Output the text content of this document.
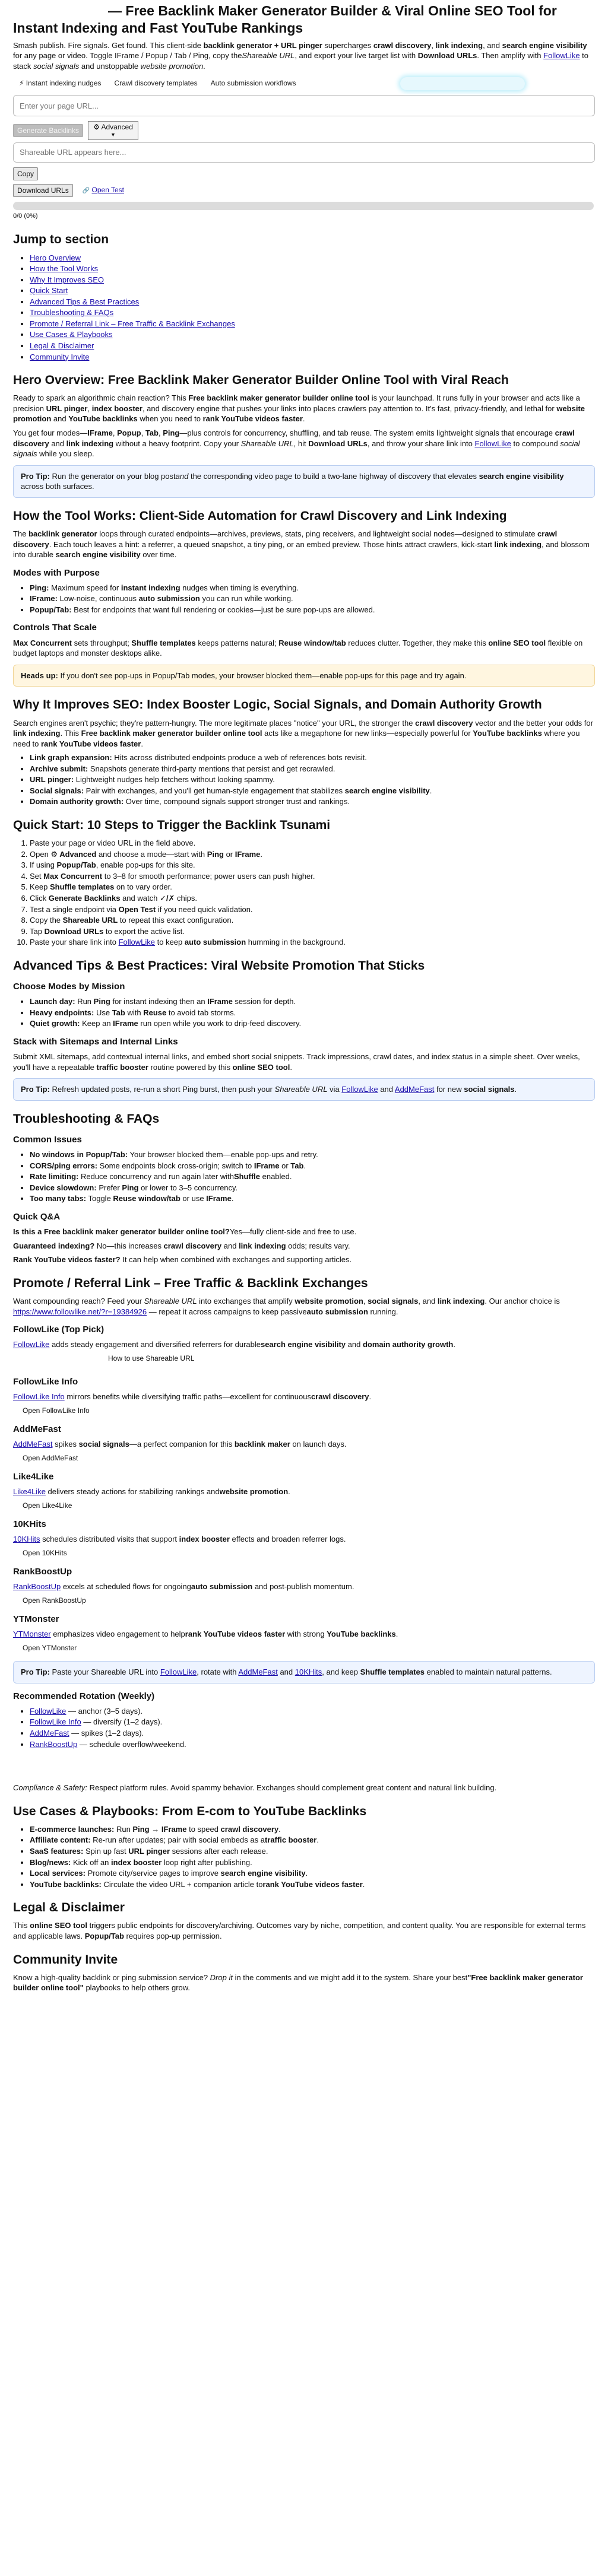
— Free Backlink Maker Generator Builder & Viral Online SEO Tool for
Instant Indexing and Fast YouTube Rankings

Smash publish. Fire signals. Get found. This client-side backlink generator + URL pinger supercharges crawl discovery, link indexing, and search engine visibility for any page or video. Toggle IFrame / Popup / Tab / Ping, copy theShareable URL, and export your live target list with Download URLs. Then amplify with FollowLike to stack social signals and unstoppable website promotion.

⚡ Instant indexing nudges Crawl discovery templates Auto submission workflows
Enter your page URL...
Generate Backlinks	⚙ Advanced
▼
Shareable URL appears here...
Copy
Download URLs	🔗 Open Test
0/0 (0%)
Jump to section
• Hero Overview
• How the Tool Works
• Why It Improves SEO
• Quick Start
• Advanced Tips & Best Practices
• Troubleshooting & FAQs
• Promote / Referral Link – Free Traffic & Backlink Exchanges
• Use Cases & Playbooks
• Legal & Disclaimer
• Community Invite
Hero Overview: Free Backlink Maker Generator Builder Online Tool with Viral Reach

Ready to spark an algorithmic chain reaction? This Free backlink maker generator builder online tool is your launchpad. It runs fully in your browser and acts like a precision URL pinger, index booster, and discovery engine that pushes your links into places crawlers pay attention to. It's fast, privacy-friendly, and lethal for website promotion and YouTube backlinks when you need to rank YouTube videos faster.

You get four modes—IFrame, Popup, Tab, Ping—plus controls for concurrency, shuffling, and tab reuse. The system emits lightweight signals that encourage crawl discovery and link indexing without a heavy footprint. Copy your Shareable URL, hit Download URLs, and throw your share link into FollowLike to compound social signals while you sleep.

Pro Tip: Run the generator on your blog postand the corresponding video page to build a two-lane highway of discovery that elevates search engine visibility across both surfaces.
How the Tool Works: Client-Side Automation for Crawl Discovery and Link Indexing

The backlink generator loops through curated endpoints—archives, previews, stats, ping receivers, and lightweight social nodes—designed to stimulate crawl discovery. Each touch leaves a hint: a referrer, a queued snapshot, a tiny ping, or an embed preview. Those hints attract crawlers, kick-start link indexing, and blossom into durable search engine visibility over time.

Modes with Purpose
• Ping: Maximum speed for instant indexing nudges when timing is everything.
• IFrame: Low-noise, continuous auto submission you can run while working.
• Popup/Tab: Best for endpoints that want full rendering or cookies—just be sure pop-ups are allowed.
Controls That Scale

Max Concurrent sets throughput; Shuffle templates keeps patterns natural; Reuse window/tab reduces clutter. Together, they make this online SEO tool flexible on budget laptops and monster desktops alike.

Heads up: If you don't see pop-ups in Popup/Tab modes, your browser blocked them—enable pop-ups for this page and try again.
Why It Improves SEO: Index Booster Logic, Social Signals, and Domain Authority Growth

Search engines aren't psychic; they're pattern-hungry. The more legitimate places "notice" your URL, the stronger the crawl discovery vector and the better your odds for link indexing. This Free backlink maker generator builder online tool acts like a megaphone for new links—especially powerful for YouTube backlinks where you need to rank YouTube videos faster.

• Link graph expansion: Hits across distributed endpoints produce a web of references bots revisit.
• Archive submit: Snapshots generate third-party mentions that persist and get recrawled.
• URL pinger: Lightweight nudges help fetchers without looking spammy.
• Social signals: Pair with exchanges, and you'll get human-style engagement that stabilizes search engine visibility.
• Domain authority growth: Over time, compound signals support stronger trust and rankings.
Quick Start: 10 Steps to Trigger the Backlink Tsunami
1. Paste your page or video URL in the field above.
2. Open ⚙ Advanced and choose a mode—start with Ping or IFrame.
3. If using Popup/Tab, enable pop-ups for this site.
4. Set Max Concurrent to 3–8 for smooth performance; power users can push higher.
5. Keep Shuffle templates on to vary order.
6. Click Generate Backlinks and watch ✓/✗ chips.
7. Test a single endpoint via Open Test if you need quick validation.
8. Copy the Shareable URL to repeat this exact configuration.
9. Tap Download URLs to export the active list.
10. Paste your share link into FollowLike to keep auto submission humming in the background.
Advanced Tips & Best Practices: Viral Website Promotion That Sticks
Choose Modes by Mission
• Launch day: Run Ping for instant indexing then an IFrame session for depth.
• Heavy endpoints: Use Tab with Reuse to avoid tab storms.
• Quiet growth: Keep an IFrame run open while you work to drip-feed discovery.
Stack with Sitemaps and Internal Links

Submit XML sitemaps, add contextual internal links, and embed short social snippets. Track impressions, crawl dates, and index status in a simple sheet. Over weeks, you'll have a repeatable traffic booster routine powered by this online SEO tool.

Pro Tip: Refresh updated posts, re-run a short Ping burst, then push your Shareable URL via FollowLike and AddMeFast for new social signals.
Troubleshooting & FAQs
Common Issues
• No windows in Popup/Tab: Your browser blocked them—enable pop-ups and retry.
• CORS/ping errors: Some endpoints block cross-origin; switch to IFrame or Tab.
• Rate limiting: Reduce concurrency and run again later withShuffle enabled.
• Device slowdown: Prefer Ping or lower to 3–5 concurrency.
• Too many tabs: Toggle Reuse window/tab or use IFrame.
Quick Q&A

Is this a Free backlink maker generator builder online tool?Yes—fully client-side and free to use.

Guaranteed indexing? No—this increases crawl discovery and link indexing odds; results vary.

Rank YouTube videos faster? It can help when combined with exchanges and supporting articles.

Promote / Referral Link – Free Traffic & Backlink Exchanges

Want compounding reach? Feed your Shareable URL into exchanges that amplify website promotion, social signals, and link indexing. Our anchor choice is https://www.followlike.net/?r=19384926 — repeat it across campaigns to keep passiveauto submission running.

FollowLike (Top Pick)

FollowLike adds steady engagement and diversified referrers for durablesearch engine visibility and domain authority growth.

How to use Shareable URL
FollowLike Info

FollowLike Info mirrors benefits while diversifying traffic paths—excellent for continuouscrawl discovery.

Open FollowLike Info
AddMeFast

AddMeFast spikes social signals—a perfect companion for this backlink maker on launch days.

Open AddMeFast
Like4Like

Like4Like delivers steady actions for stabilizing rankings andwebsite promotion.

Open Like4Like
10KHits

10KHits schedules distributed visits that support index booster effects and broaden referrer logs.

Open 10KHits
RankBoostUp

RankBoostUp excels at scheduled flows for ongoingauto submission and post-publish momentum.

Open RankBoostUp
YTMonster

YTMonster emphasizes video engagement to helprank YouTube videos faster with strong YouTube backlinks.

Open YTMonster
Pro Tip: Paste your Shareable URL into FollowLike, rotate with AddMeFast and 10KHits, and keep Shuffle templates enabled to maintain natural patterns.
Recommended Rotation (Weekly)
• FollowLike — anchor (3–5 days).
• FollowLike Info — diversify (1–2 days).
• AddMeFast — spikes (1–2 days).
• RankBoostUp — schedule overflow/weekend.

Compliance & Safety: Respect platform rules. Avoid spammy behavior. Exchanges should complement great content and natural link building.

Use Cases & Playbooks: From E-com to YouTube Backlinks
• E-commerce launches: Run Ping → IFrame to speed crawl discovery.
• Affiliate content: Re-run after updates; pair with social embeds as atraffic booster.
• SaaS features: Spin up fast URL pinger sessions after each release.
• Blog/news: Kick off an index booster loop right after publishing.
• Local services: Promote city/service pages to improve search engine visibility.
• YouTube backlinks: Circulate the video URL + companion article torank YouTube videos faster.
Legal & Disclaimer

This online SEO tool triggers public endpoints for discovery/archiving. Outcomes vary by niche, competition, and content quality. You are responsible for external terms and applicable laws. Popup/Tab requires pop-up permission.

Community Invite

Know a high-quality backlink or ping submission service? Drop it in the comments and we might add it to the system. Share your best"Free backlink maker generator builder online tool" playbooks to help others grow.
